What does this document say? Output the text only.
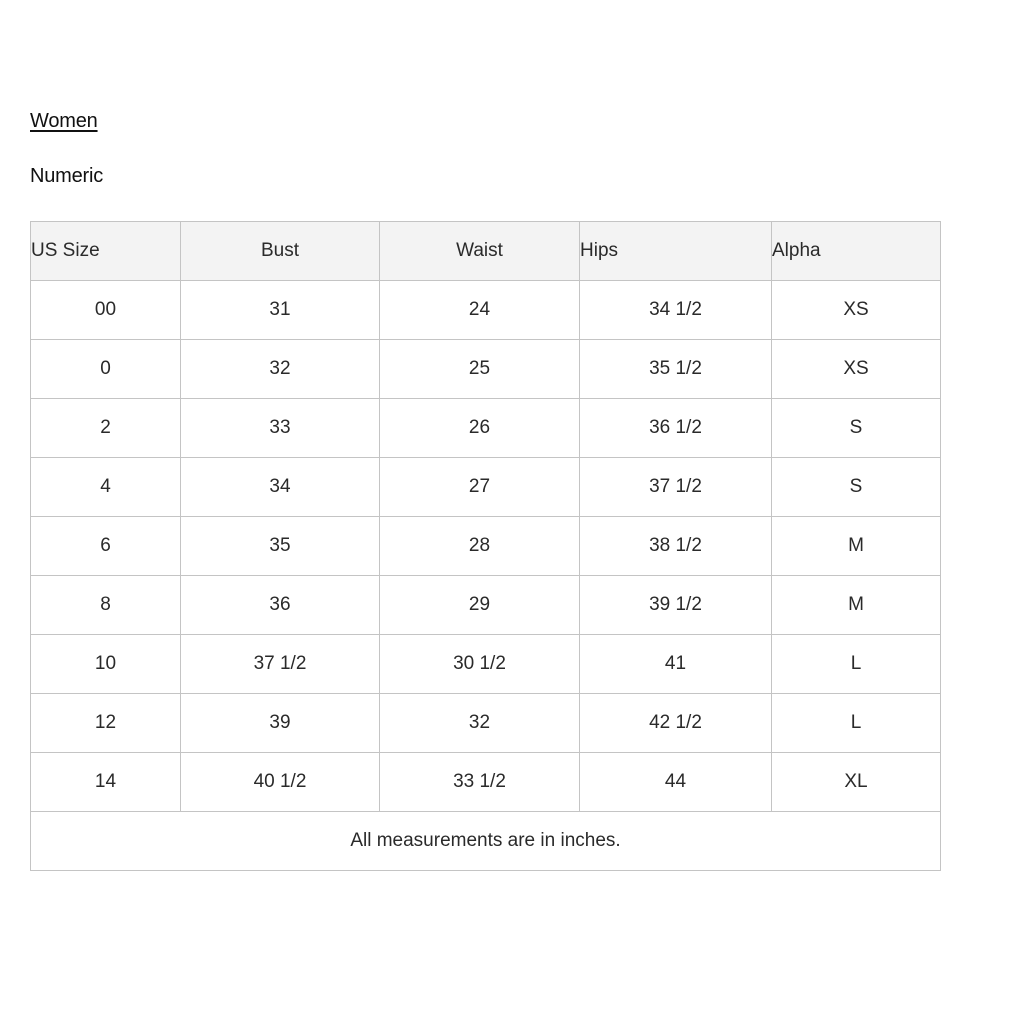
Women
Numeric
US Size	Bust	Waist	Hips	Alpha
00	31	24	34 1/2	XS
0	32	25	35 1/2	XS
2	33	26	36 1/2	S
4	34	27	37 1/2	S
6	35	28	38 1/2	M
8	36	29	39 1/2	M
10	37 1/2	30 1/2	41	L
12	39	32	42 1/2	L
14	40 1/2	33 1/2	44	XL
All measurements are in inches.				
